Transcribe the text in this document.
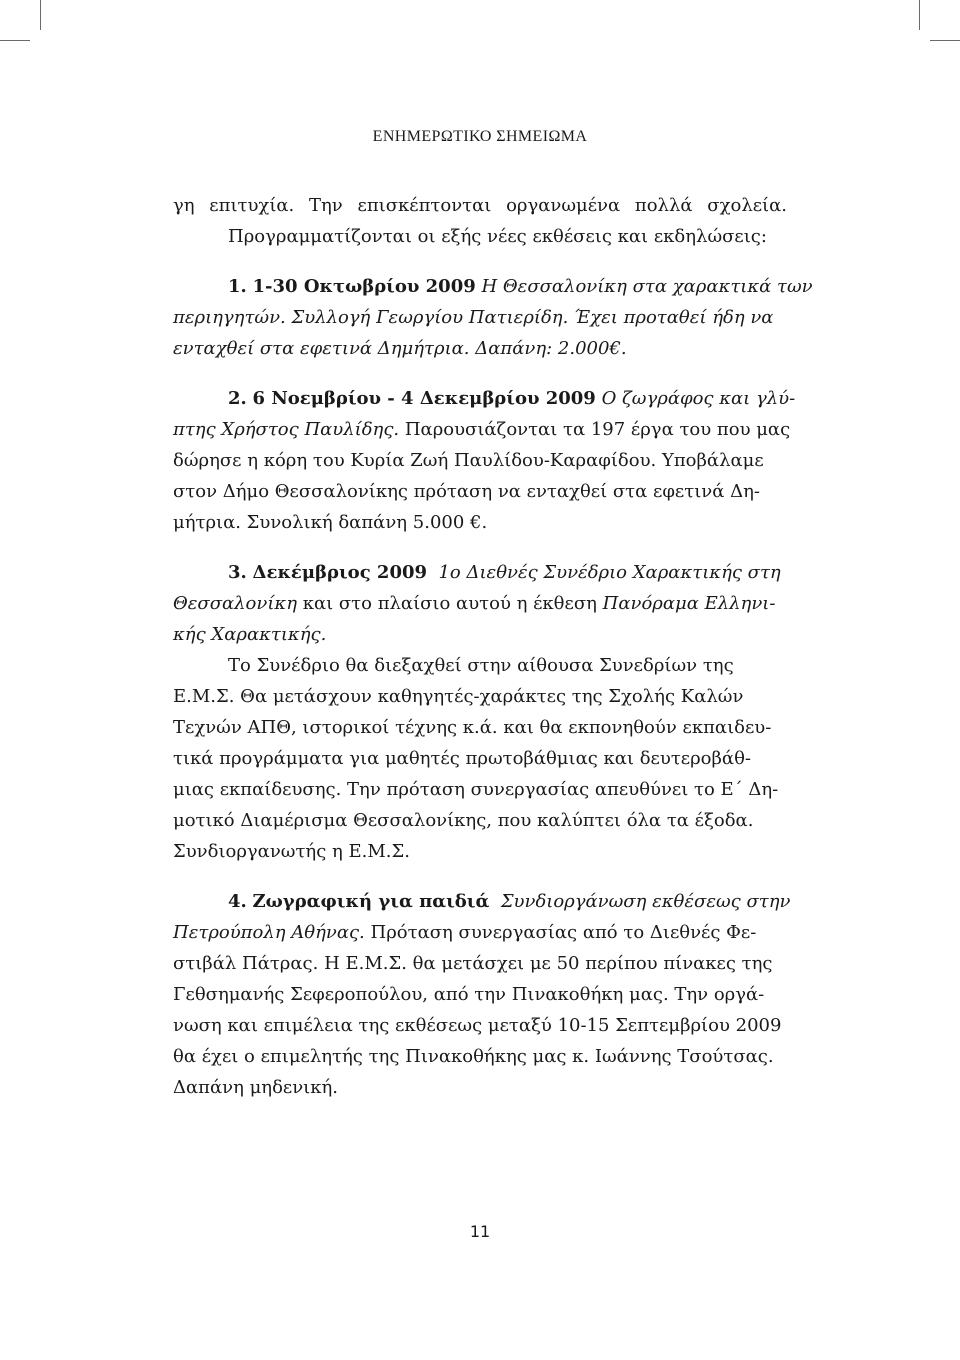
ΕΝΗΜΕΡΩΤΙΚΟ ΣΗΜΕΙΩΜΑ
γη επιτυχία. Την επισκέπτονται οργανωμένα πολλά σχολεία.
Προγραμματίζονται οι εξής νέες εκθέσεις και εκδηλώσεις:
1. 1-30 Οκτωβρίου 2009 Η Θεσσαλονίκη στα χαρακτικά των
περιηγητών. Συλλογή Γεωργίου Πατιερίδη. Έχει προταθεί ήδη να
ενταχθεί στα εφετινά Δημήτρια. Δαπάνη: 2.000€.
2. 6 Νοεμβρίου - 4 Δεκεμβρίου 2009 Ο ζωγράφος και γλύ-
πτης Χρήστος Παυλίδης. Παρουσιάζονται τα 197 έργα του που μας
δώρησε η κόρη του Κυρία Ζωή Παυλίδου-Καραφίδου. Υποβάλαμε
στον Δήμο Θεσσαλονίκης πρόταση να ενταχθεί στα εφετινά Δη-
μήτρια. Συνολική δαπάνη 5.000 €.
3. Δεκέμβριος 2009 1ο Διεθνές Συνέδριο Χαρακτικής στη
Θεσσαλονίκη και στο πλαίσιο αυτού η έκθεση Πανόραμα Ελληνι-
κής Χαρακτικής.
Το Συνέδριο θα διεξαχθεί στην αίθουσα Συνεδρίων της
Ε.Μ.Σ. Θα μετάσχουν καθηγητές-χαράκτες της Σχολής Καλών
Τεχνών ΑΠΘ, ιστορικοί τέχνης κ.ά. και θα εκπονηθούν εκπαιδευ-
τικά προγράμματα για μαθητές πρωτοβάθμιας και δευτεροβάθ-
μιας εκπαίδευσης. Την πρόταση συνεργασίας απευθύνει το Ε΄ Δη-
μοτικό Διαμέρισμα Θεσσαλονίκης, που καλύπτει όλα τα έξοδα.
Συνδιοργανωτής η Ε.Μ.Σ.
4. Ζωγραφική για παιδιά Συνδιοργάνωση εκθέσεως στην
Πετρούπολη Αθήνας. Πρόταση συνεργασίας από το Διεθνές Φε-
στιβάλ Πάτρας. Η Ε.Μ.Σ. θα μετάσχει με 50 περίπου πίνακες της
Γεθσημανής Σεφεροπούλου, από την Πινακοθήκη μας. Την οργά-
νωση και επιμέλεια της εκθέσεως μεταξύ 10-15 Σεπτεμβρίου 2009
θα έχει ο επιμελητής της Πινακοθήκης μας κ. Ιωάννης Τσούτσας.
Δαπάνη μηδενική.
11
